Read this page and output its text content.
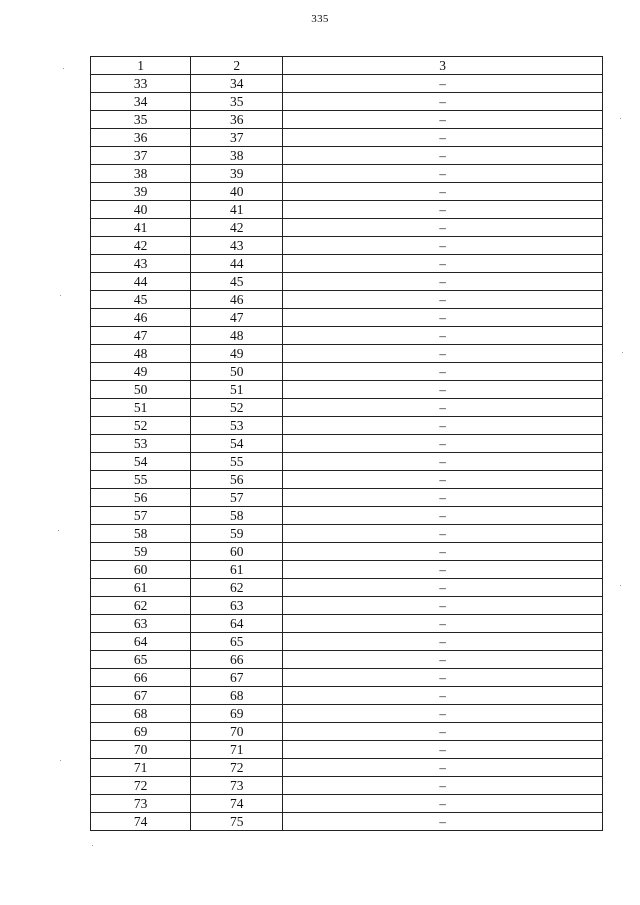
335
1	2	3
33	34	–
34	35	–
35	36	–
36	37	–
37	38	–
38	39	–
39	40	–
40	41	–
41	42	–
42	43	–
43	44	–
44	45	–
45	46	–
46	47	–
47	48	–
48	49	–
49	50	–
50	51	–
51	52	–
52	53	–
53	54	–
54	55	–
55	56	–
56	57	–
57	58	–
58	59	–
59	60	–
60	61	–
61	62	–
62	63	–
63	64	–
64	65	–
65	66	–
66	67	–
67	68	–
68	69	–
69	70	–
70	71	–
71	72	–
72	73	–
73	74	–
74	75	–
